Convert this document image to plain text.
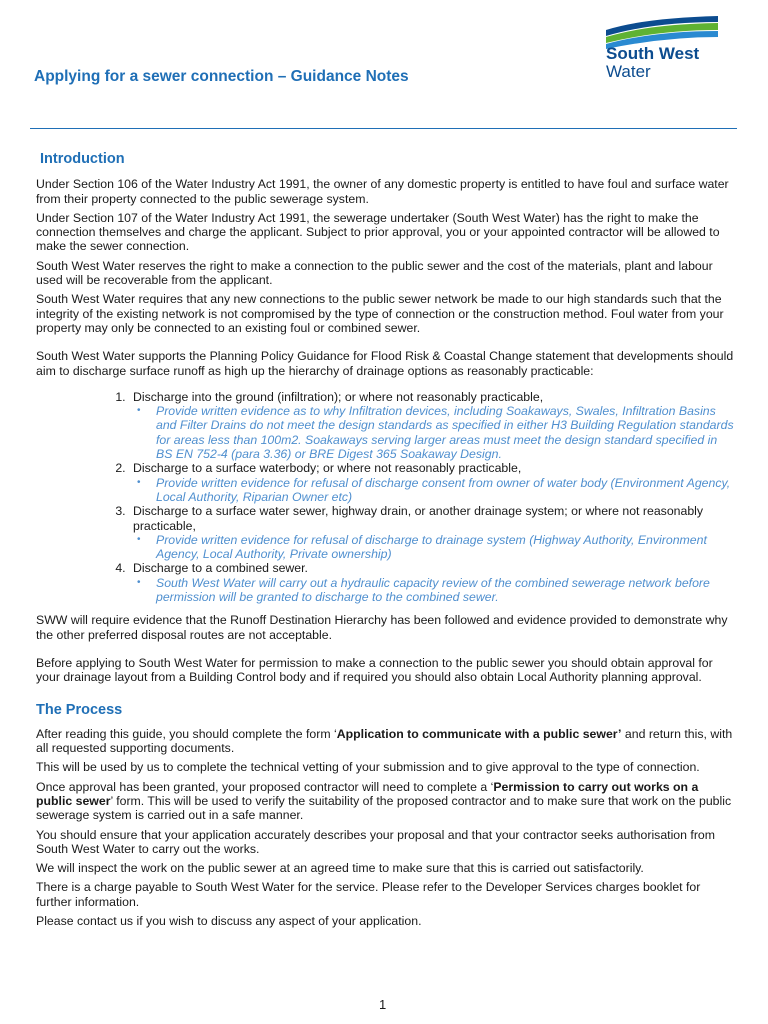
Applying for a sewer connection – Guidance Notes
South West
Water
Introduction

Under Section 106 of the Water Industry Act 1991, the owner of any domestic property is entitled to have foul and surface water from their property connected to the public sewerage system.

Under Section 107 of the Water Industry Act 1991, the sewerage undertaker (South West Water) has the right to make the connection themselves and charge the applicant. Subject to prior approval, you or your appointed contractor will be allowed to make the sewer connection.

South West Water reserves the right to make a connection to the public sewer and the cost of the materials, plant and labour used will be recoverable from the applicant.

South West Water requires that any new connections to the public sewer network be made to our high standards such that the integrity of the existing network is not compromised by the type of connection or the construction method. Foul water from your property may only be connected to an existing foul or combined sewer.

South West Water supports the Planning Policy Guidance for Flood Risk & Coastal Change statement that developments should aim to discharge surface runoff as high up the hierarchy of drainage options as reasonably practicable:

1. Discharge into the ground (infiltration); or where not reasonably practicable,
• Provide written evidence as to why Infiltration devices, including Soakaways, Swales, Infiltration Basins and Filter Drains do not meet the design standards as specified in either H3 Building Regulation standards for areas less than 100m2. Soakaways serving larger areas must meet the design standard specified in BS EN 752-4 (para 3.36) or BRE Digest 365 Soakaway Design.
2. Discharge to a surface waterbody; or where not reasonably practicable,
• Provide written evidence for refusal of discharge consent from owner of water body (Environment Agency, Local Authority, Riparian Owner etc)
3. Discharge to a surface water sewer, highway drain, or another drainage system; or where not reasonably practicable,
• Provide written evidence for refusal of discharge to drainage system (Highway Authority, Environment Agency, Local Authority, Private ownership)
4. Discharge to a combined sewer.
• South West Water will carry out a hydraulic capacity review of the combined sewerage network before permission will be granted to discharge to the combined sewer.

SWW will require evidence that the Runoff Destination Hierarchy has been followed and evidence provided to demonstrate why the other preferred disposal routes are not acceptable.

Before applying to South West Water for permission to make a connection to the public sewer you should obtain approval for your drainage layout from a Building Control body and if required you should also obtain Local Authority planning approval.

The Process

After reading this guide, you should complete the form ‘Application to communicate with a public sewer’ and return this, with all requested supporting documents.

This will be used by us to complete the technical vetting of your submission and to give approval to the type of connection.

Once approval has been granted, your proposed contractor will need to complete a ‘Permission to carry out works on a public sewer’ form. This will be used to verify the suitability of the proposed contractor and to make sure that work on the public sewerage system is carried out in a safe manner.

You should ensure that your application accurately describes your proposal and that your contractor seeks authorisation from South West Water to carry out the works.

We will inspect the work on the public sewer at an agreed time to make sure that this is carried out satisfactorily.

There is a charge payable to South West Water for the service. Please refer to the Developer Services charges booklet for further information.

Please contact us if you wish to discuss any aspect of your application.

1
